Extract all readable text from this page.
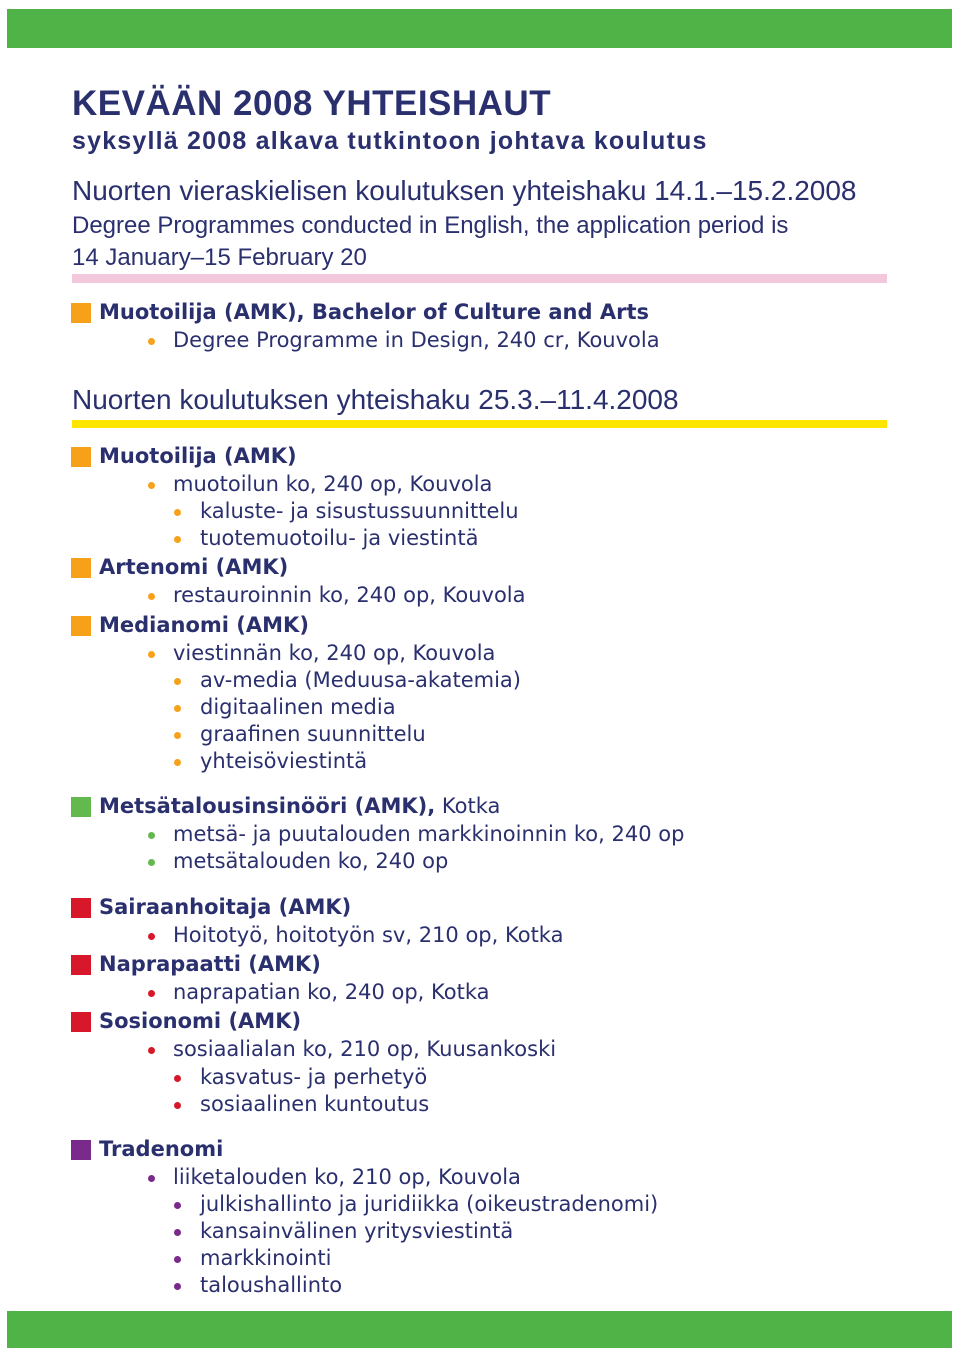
KEVÄÄN 2008 YHTEISHAUT
syksyllä 2008 alkava tutkintoon johtava koulutus
Nuorten vieraskielisen koulutuksen yhteishaku 14.1.–15.2.2008
Degree Programmes conducted in English, the application period is
14 January–15 February 20
Muotoilija (AMK), Bachelor of Culture and Arts
Degree Programme in Design, 240 cr, Kouvola
Nuorten koulutuksen yhteishaku 25.3.–11.4.2008
Muotoilija (AMK)
muotoilun ko, 240 op, Kouvola
kaluste- ja sisustussuunnittelu
tuotemuotoilu- ja viestintä
Artenomi (AMK)
restauroinnin ko, 240 op, Kouvola
Medianomi (AMK)
viestinnän ko, 240 op, Kouvola
av-media (Meduusa-akatemia)
digitaalinen media
graafinen suunnittelu
yhteisöviestintä
Metsätalousinsinööri (AMK), Kotka
metsä- ja puutalouden markkinoinnin ko, 240 op
metsätalouden ko, 240 op
Sairaanhoitaja (AMK)
Hoitotyö, hoitotyön sv, 210 op, Kotka
Naprapaatti (AMK)
naprapatian ko, 240 op, Kotka
Sosionomi (AMK)
sosiaalialan ko, 210 op, Kuusankoski
kasvatus- ja perhetyö
sosiaalinen kuntoutus
Tradenomi
liiketalouden ko, 210 op, Kouvola
julkishallinto ja juridiikka (oikeustradenomi)
kansainvälinen yritysviestintä
markkinointi
taloushallinto
